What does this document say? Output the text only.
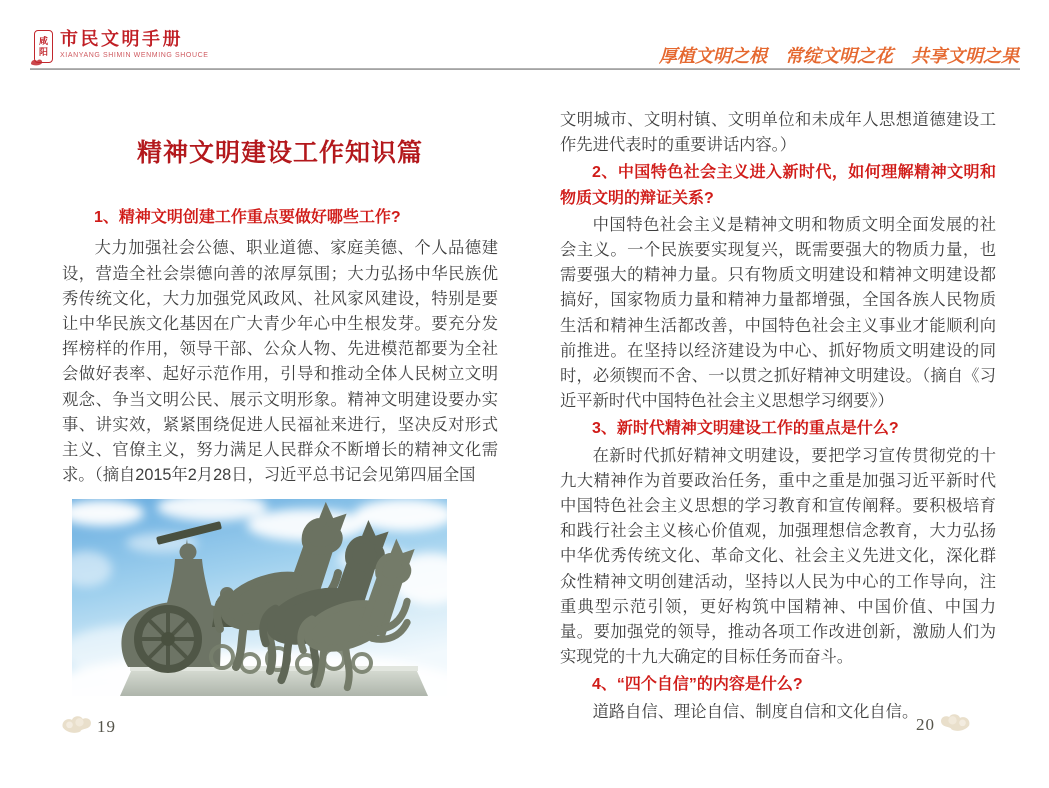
咸阳
市民文明手册
XIANYANG SHIMIN WENMING SHOUCE	厚植文明之根　常绽文明之花　共享文明之果
精神文明建设工作知识篇
1、精神文明创建工作重点要做好哪些工作?
大力加强社会公德、职业道德、家庭美德、个人品德建设，营造全社会崇德向善的浓厚氛围；大力弘扬中华民族优秀传统文化，大力加强党风政风、社风家风建设，特别是要让中华民族文化基因在广大青少年心中生根发芽。要充分发挥榜样的作用，领导干部、公众人物、先进模范都要为全社会做好表率、起好示范作用，引导和推动全体人民树立文明观念、争当文明公民、展示文明形象。精神文明建设要办实事、讲实效，紧紧围绕促进人民福祉来进行，坚决反对形式主义、官僚主义，努力满足人民群众不断增长的精神文化需求。（摘自2015年2月28日，习近平总书记会见第四届全国
文明城市、文明村镇、文明单位和未成年人思想道德建设工作先进代表时的重要讲话内容。）
2、中国特色社会主义进入新时代，如何理解精神文明和物质文明的辩证关系?
中国特色社会主义是精神文明和物质文明全面发展的社会主义。一个民族要实现复兴，既需要强大的物质力量，也需要强大的精神力量。只有物质文明建设和精神文明建设都搞好，国家物质力量和精神力量都增强，全国各族人民物质生活和精神生活都改善，中国特色社会主义事业才能顺利向前推进。在坚持以经济建设为中心、抓好物质文明建设的同时，必须锲而不舍、一以贯之抓好精神文明建设。（摘自《习近平新时代中国特色社会主义思想学习纲要》）
3、新时代精神文明建设工作的重点是什么?
在新时代抓好精神文明建设，要把学习宣传贯彻党的十九大精神作为首要政治任务，重中之重是加强习近平新时代中国特色社会主义思想的学习教育和宣传阐释。要积极培育和践行社会主义核心价值观，加强理想信念教育，大力弘扬中华优秀传统文化、革命文化、社会主义先进文化，深化群众性精神文明创建活动，坚持以人民为中心的工作导向，注重典型示范引领，更好构筑中国精神、中国价值、中国力量。要加强党的领导，推动各项工作改进创新，激励人们为实现党的十九大确定的目标任务而奋斗。
4、“四个自信”的内容是什么?
道路自信、理论自信、制度自信和文化自信。
19	20
